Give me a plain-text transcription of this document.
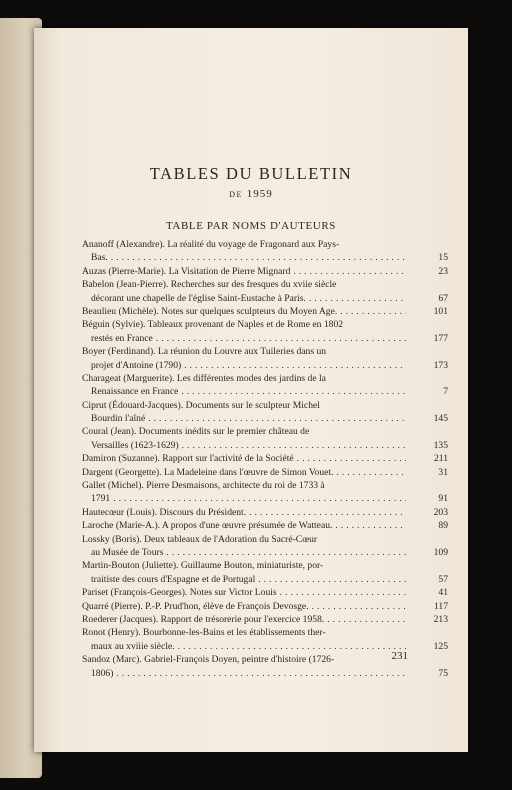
TABLES DU BULLETIN
DE 1959
TABLE PAR NOMS D'AUTEURS
Ananoff (Alexandre). La réalité du voyage de Fragonard aux Pays-
Bas. .....	15
Auzas (Pierre-Marie). La Visitation de Pierre Mignard .....	23
Babelon (Jean-Pierre). Recherches sur des fresques du xviie siècle
décorant une chapelle de l'église Saint-Eustache à Paris. .....	67
Beaulieu (Michèle). Notes sur quelques sculpteurs du Moyen Age. .....	101
Béguin (Sylvie). Tableaux provenant de Naples et de Rome en 1802
restés en France .....	177
Boyer (Ferdinand). La réunion du Louvre aux Tuileries dans un
projet d'Antoine (1790) .....	173
Charageat (Marguerite). Les différentes modes des jardins de la
Renaissance en France .....	7
Ciprut (Édouard-Jacques). Documents sur le sculpteur Michel
Bourdin l'aîné .....	145
Coural (Jean). Documents inédits sur le premier château de
Versailles (1623-1629) .....	135
Damiron (Suzanne). Rapport sur l'activité de la Société .....	211
Dargent (Georgette). La Madeleine dans l'œuvre de Simon Vouet. .....	31
Gallet (Michel). Pierre Desmaisons, architecte du roi de 1733 à
1791 .....	91
Hautecœur (Louis). Discours du Président. .....	203
Laroche (Marie-A.). A propos d'une œuvre présumée de Watteau. .....	89
Lossky (Boris). Deux tableaux de l'Adoration du Sacré-Cœur
au Musée de Tours .....	109
Martin-Bouton (Juliette). Guillaume Bouton, miniaturiste, por-
traitiste des cours d'Espagne et de Portugal .....	57
Pariset (François-Georges). Notes sur Victor Louis .....	41
Quarré (Pierre). P.-P. Prud'hon, élève de François Devosge. .....	117
Roederer (Jacques). Rapport de trésorerie pour l'exercice 1958. .....	213
Ronot (Henry). Bourbonne-les-Bains et les établissements ther-
maux au xviiie siècle. .....	125
Sandoz (Marc). Gabriel-François Doyen, peintre d'histoire (1726-
1806) .....	75
231
